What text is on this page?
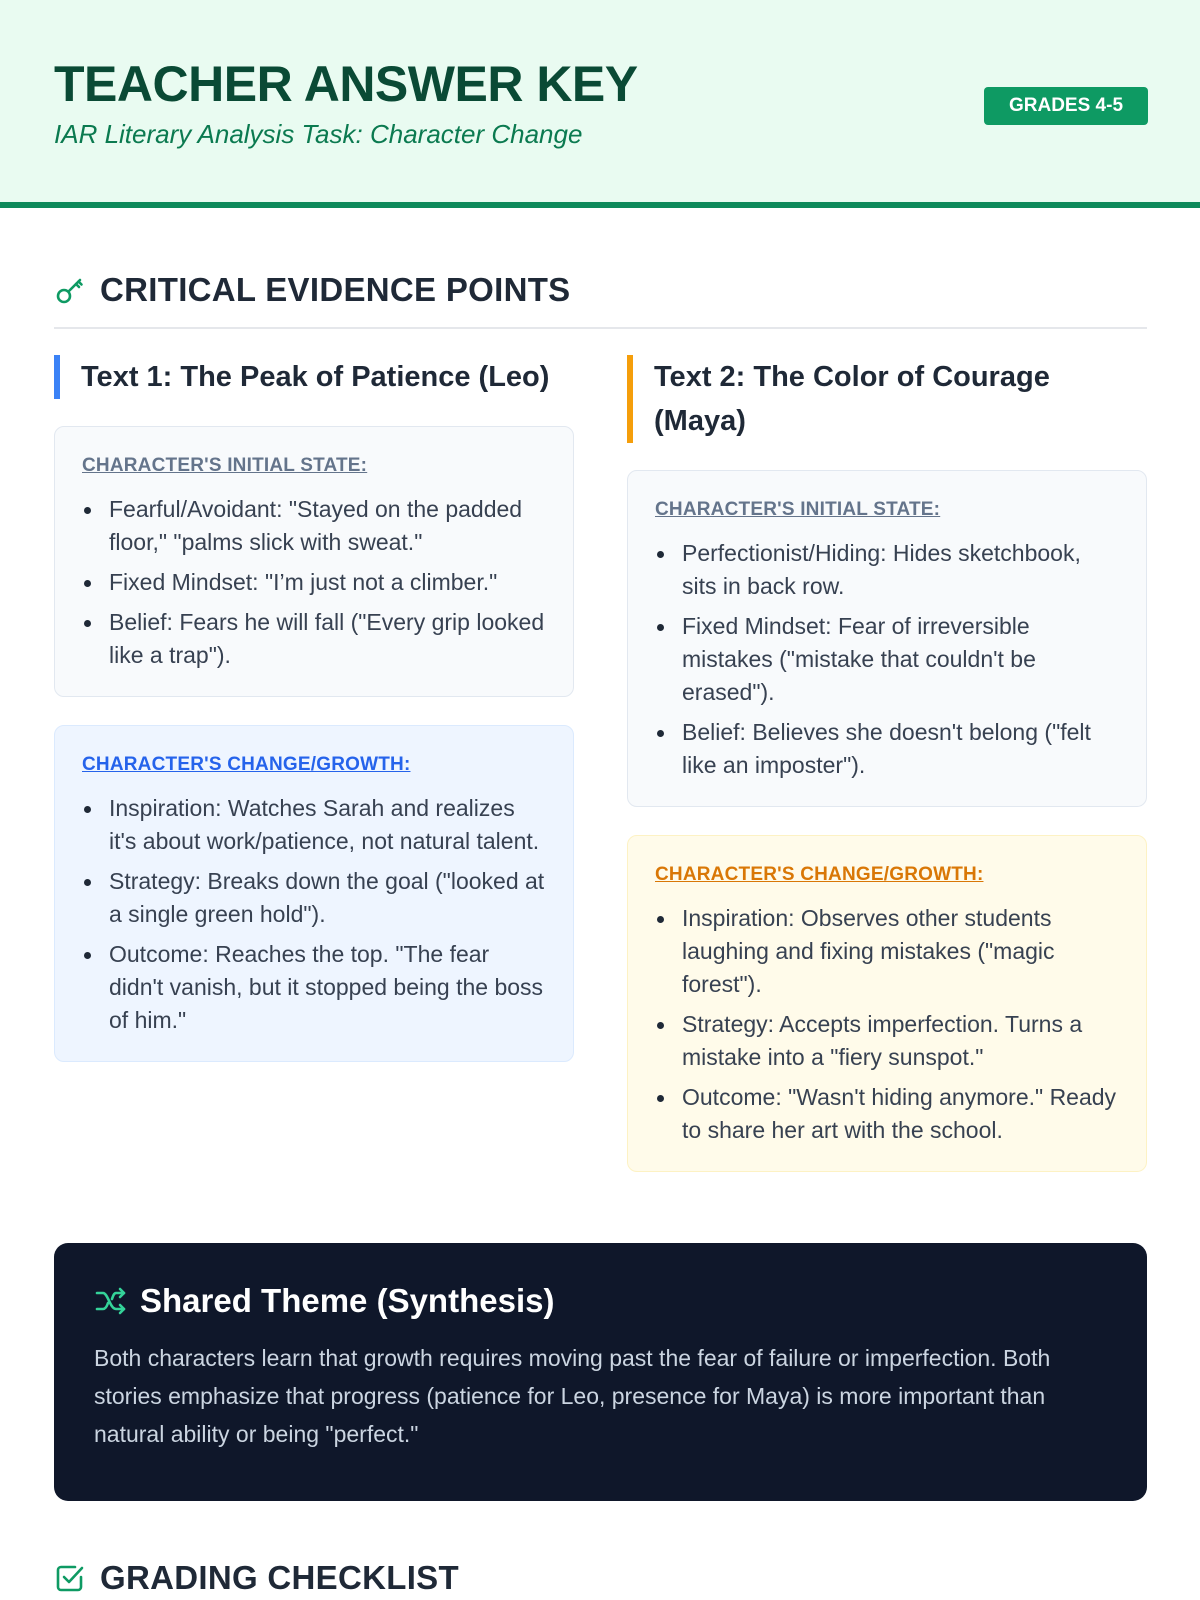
TEACHER ANSWER KEY
IAR Literary Analysis Task: Character Change
GRADES 4-5
CRITICAL EVIDENCE POINTS
Text 1: The Peak of Patience (Leo)
CHARACTER'S INITIAL STATE:
Fearful/Avoidant: "Stayed on the padded floor," "palms slick with sweat."
Fixed Mindset: "I’m just not a climber."
Belief: Fears he will fall ("Every grip looked like a trap").
CHARACTER'S CHANGE/GROWTH:
Inspiration: Watches Sarah and realizes it's about work/patience, not natural talent.
Strategy: Breaks down the goal ("looked at a single green hold").
Outcome: Reaches the top. "The fear didn't vanish, but it stopped being the boss of him."
Text 2: The Color of Courage (Maya)
CHARACTER'S INITIAL STATE:
Perfectionist/Hiding: Hides sketchbook, sits in back row.
Fixed Mindset: Fear of irreversible mistakes ("mistake that couldn't be erased").
Belief: Believes she doesn't belong ("felt like an imposter").
CHARACTER'S CHANGE/GROWTH:
Inspiration: Observes other students laughing and fixing mistakes ("magic forest").
Strategy: Accepts imperfection. Turns a mistake into a "fiery sunspot."
Outcome: "Wasn't hiding anymore." Ready to share her art with the school.
Shared Theme (Synthesis)
Both characters learn that growth requires moving past the fear of failure or imperfection. Both stories emphasize that progress (patience for Leo, presence for Maya) is more important than natural ability or being "perfect."
GRADING CHECKLIST
